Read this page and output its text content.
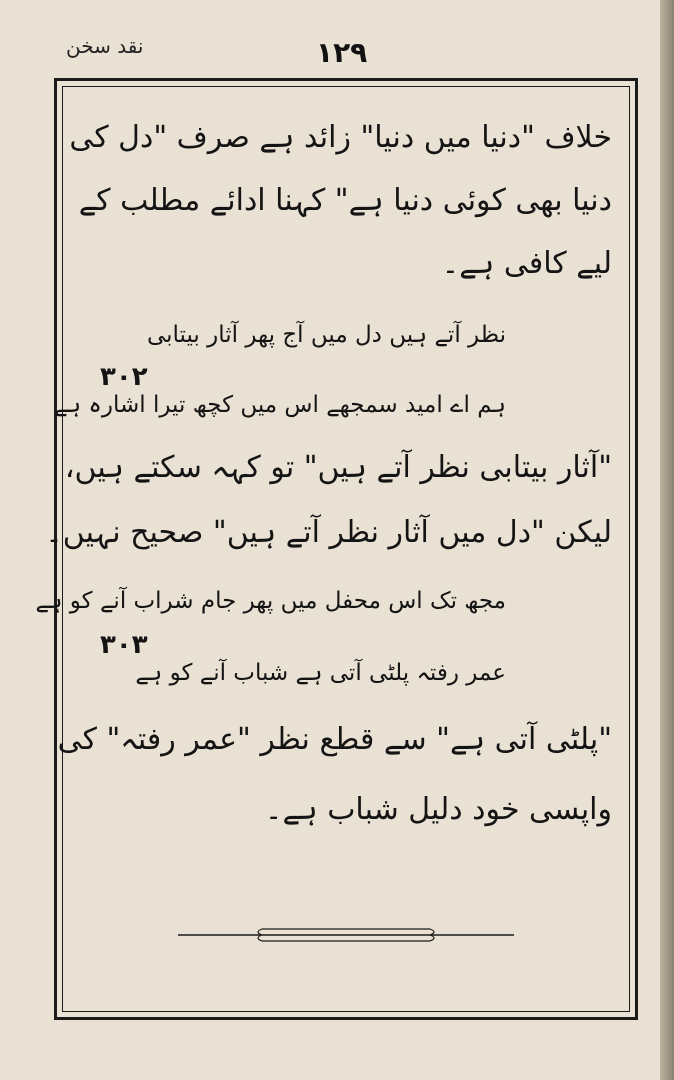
نقد سخن	۱۲۹
خلاف "دنیا میں دنیا" زائد ہے صرف "دل کی
دنیا بھی کوئی دنیا ہے" کہنا ادائے مطلب کے
لیے کافی ہے۔
نظر آتے ہیں دل میں آج پھر آثار بیتابی
۳۰۲
ہم اے امید سمجھے اس میں کچھ تیرا اشارہ ہے
"آثار بیتابی نظر آتے ہیں" تو کہہ سکتے ہیں،
لیکن "دل میں آثار نظر آتے ہیں" صحیح نہیں۔
مجھ تک اس محفل میں پھر جام شراب آنے کو ہے
۳۰۳
عمر رفتہ پلٹی آتی ہے شباب آنے کو ہے
"پلٹی آتی ہے" سے قطع نظر "عمر رفتہ" کی
واپسی خود دلیل شباب ہے۔
